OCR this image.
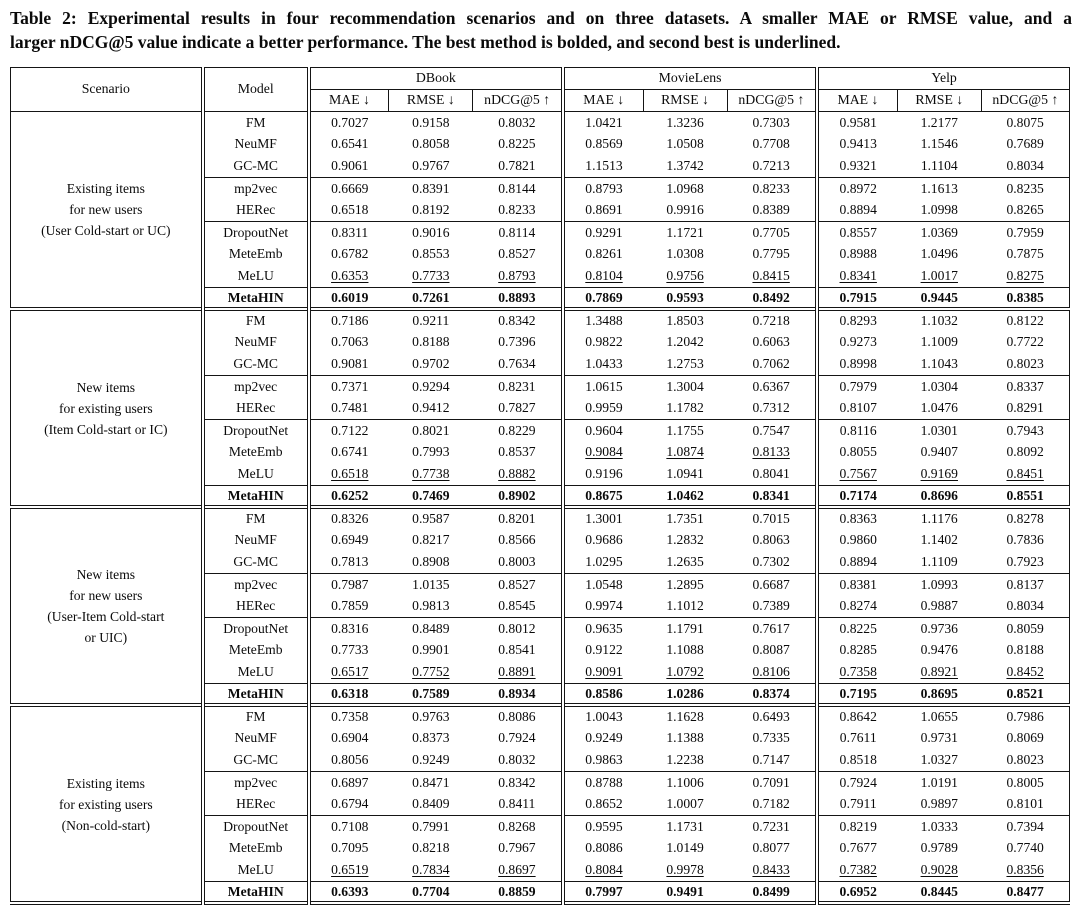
Table 2: Experimental results in four recommendation scenarios and on three datasets. A smaller MAE or RMSE value, and a
larger nDCG@5 value indicate a better performance. The best method is bolded, and second best is underlined.
Scenario	Model	DBook			MovieLens			Yelp		
		MAE ↓	RMSE ↓	nDCG@5 ↑	MAE ↓	RMSE ↓	nDCG@5 ↑	MAE ↓	RMSE ↓	nDCG@5 ↑

Existing items
for new users
(User Cold-start or UC)	FM	0.7027	0.9158	0.8032	1.0421	1.3236	0.7303	0.9581	1.2177	0.8075
	NeuMF	0.6541	0.8058	0.8225	0.8569	1.0508	0.7708	0.9413	1.1546	0.7689
	GC-MC	0.9061	0.9767	0.7821	1.1513	1.3742	0.7213	0.9321	1.1104	0.8034
	mp2vec	0.6669	0.8391	0.8144	0.8793	1.0968	0.8233	0.8972	1.1613	0.8235
	HERec	0.6518	0.8192	0.8233	0.8691	0.9916	0.8389	0.8894	1.0998	0.8265
	DropoutNet	0.8311	0.9016	0.8114	0.9291	1.1721	0.7705	0.8557	1.0369	0.7959
	MeteEmb	0.6782	0.8553	0.8527	0.8261	1.0308	0.7795	0.8988	1.0496	0.7875
	MeLU	0.6353	0.7733	0.8793	0.8104	0.9756	0.8415	0.8341	1.0017	0.8275
	MetaHIN	0.6019	0.7261	0.8893	0.7869	0.9593	0.8492	0.7915	0.9445	0.8385

New items
for existing users
(Item Cold-start or IC)	FM	0.7186	0.9211	0.8342	1.3488	1.8503	0.7218	0.8293	1.1032	0.8122
	NeuMF	0.7063	0.8188	0.7396	0.9822	1.2042	0.6063	0.9273	1.1009	0.7722
	GC-MC	0.9081	0.9702	0.7634	1.0433	1.2753	0.7062	0.8998	1.1043	0.8023
	mp2vec	0.7371	0.9294	0.8231	1.0615	1.3004	0.6367	0.7979	1.0304	0.8337
	HERec	0.7481	0.9412	0.7827	0.9959	1.1782	0.7312	0.8107	1.0476	0.8291
	DropoutNet	0.7122	0.8021	0.8229	0.9604	1.1755	0.7547	0.8116	1.0301	0.7943
	MeteEmb	0.6741	0.7993	0.8537	0.9084	1.0874	0.8133	0.8055	0.9407	0.8092
	MeLU	0.6518	0.7738	0.8882	0.9196	1.0941	0.8041	0.7567	0.9169	0.8451
	MetaHIN	0.6252	0.7469	0.8902	0.8675	1.0462	0.8341	0.7174	0.8696	0.8551

New items
for new users
(User-Item Cold-start
or UIC)	FM	0.8326	0.9587	0.8201	1.3001	1.7351	0.7015	0.8363	1.1176	0.8278
	NeuMF	0.6949	0.8217	0.8566	0.9686	1.2832	0.8063	0.9860	1.1402	0.7836
	GC-MC	0.7813	0.8908	0.8003	1.0295	1.2635	0.7302	0.8894	1.1109	0.7923
	mp2vec	0.7987	1.0135	0.8527	1.0548	1.2895	0.6687	0.8381	1.0993	0.8137
	HERec	0.7859	0.9813	0.8545	0.9974	1.1012	0.7389	0.8274	0.9887	0.8034
	DropoutNet	0.8316	0.8489	0.8012	0.9635	1.1791	0.7617	0.8225	0.9736	0.8059
	MeteEmb	0.7733	0.9901	0.8541	0.9122	1.1088	0.8087	0.8285	0.9476	0.8188
	MeLU	0.6517	0.7752	0.8891	0.9091	1.0792	0.8106	0.7358	0.8921	0.8452
	MetaHIN	0.6318	0.7589	0.8934	0.8586	1.0286	0.8374	0.7195	0.8695	0.8521

Existing items
for existing users
(Non-cold-start)	FM	0.7358	0.9763	0.8086	1.0043	1.1628	0.6493	0.8642	1.0655	0.7986
	NeuMF	0.6904	0.8373	0.7924	0.9249	1.1388	0.7335	0.7611	0.9731	0.8069
	GC-MC	0.8056	0.9249	0.8032	0.9863	1.2238	0.7147	0.8518	1.0327	0.8023
	mp2vec	0.6897	0.8471	0.8342	0.8788	1.1006	0.7091	0.7924	1.0191	0.8005
	HERec	0.6794	0.8409	0.8411	0.8652	1.0007	0.7182	0.7911	0.9897	0.8101
	DropoutNet	0.7108	0.7991	0.8268	0.9595	1.1731	0.7231	0.8219	1.0333	0.7394
	MeteEmb	0.7095	0.8218	0.7967	0.8086	1.0149	0.8077	0.7677	0.9789	0.7740
	MeLU	0.6519	0.7834	0.8697	0.8084	0.9978	0.8433	0.7382	0.9028	0.8356
	MetaHIN	0.6393	0.7704	0.8859	0.7997	0.9491	0.8499	0.6952	0.8445	0.8477
